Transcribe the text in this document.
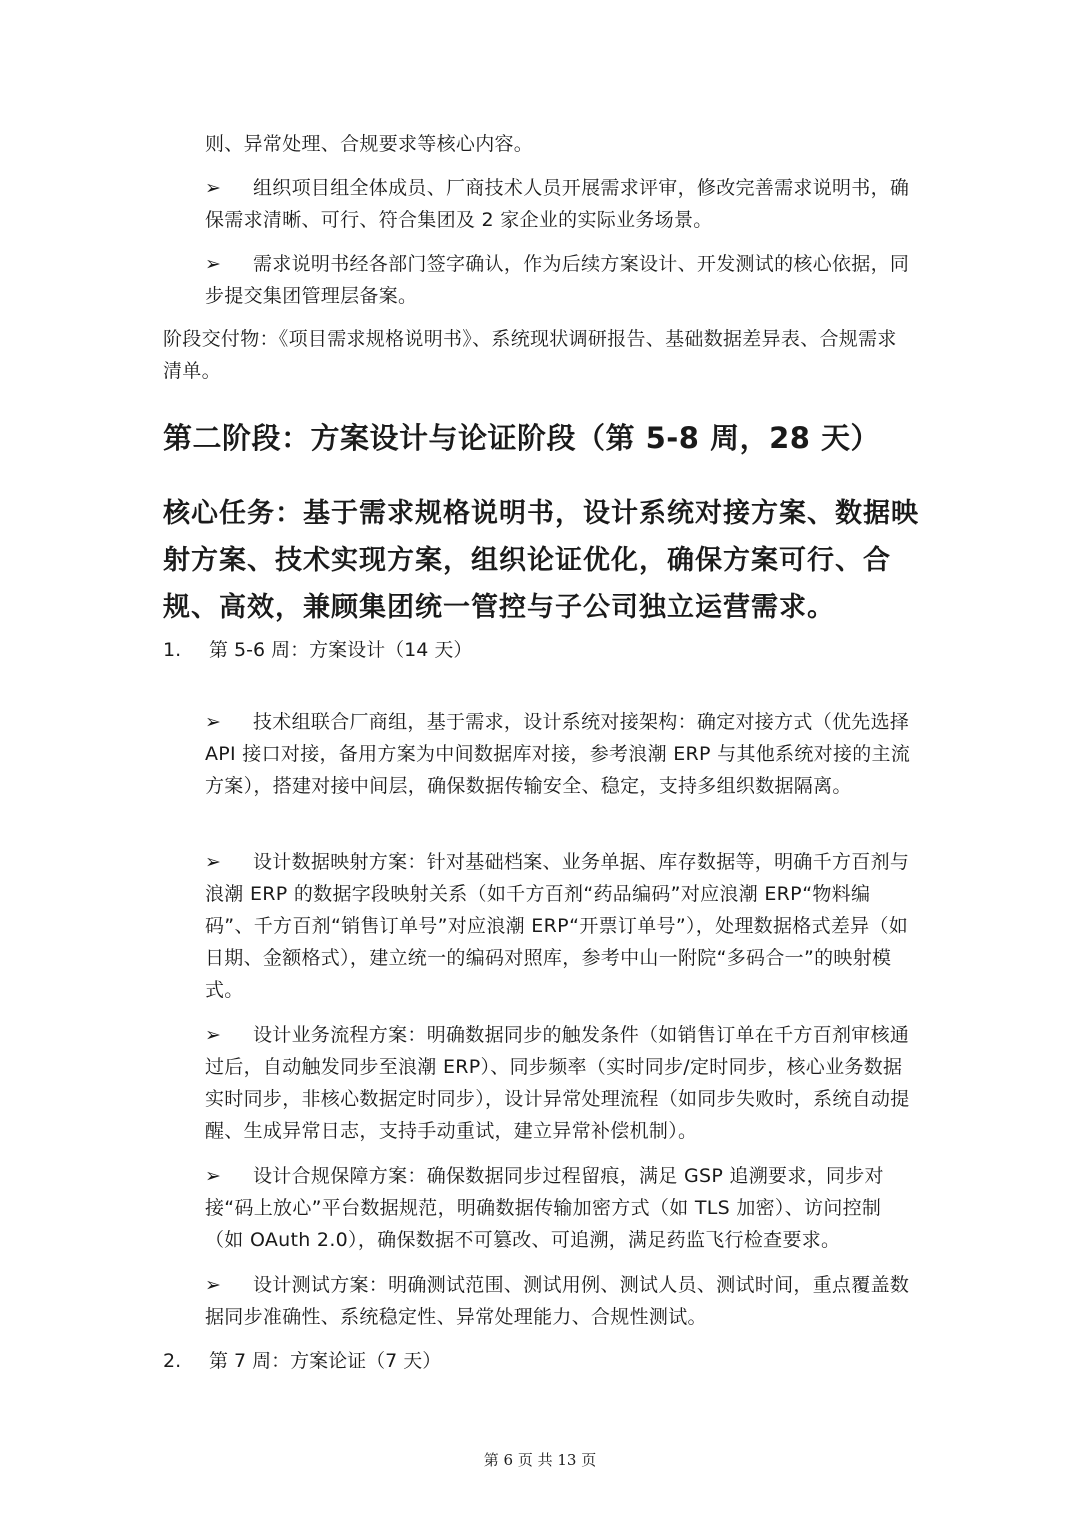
则、异常处理、合规要求等核心内容。

➢ 组织项目组全体成员、厂商技术人员开展需求评审，修改完善需求说明书，确保需求清晰、可行、符合集团及 2 家企业的实际业务场景。

➢ 需求说明书经各部门签字确认，作为后续方案设计、开发测试的核心依据，同步提交集团管理层备案。

阶段交付物：《项目需求规格说明书》、系统现状调研报告、基础数据差异表、合规需求清单。

第二阶段：方案设计与论证阶段（第 5-8 周，28 天）

核心任务：基于需求规格说明书，设计系统对接方案、数据映射方案、技术实现方案，组织论证优化，确保方案可行、合规、高效，兼顾集团统一管控与子公司独立运营需求。

1. 第 5-6 周：方案设计（14 天）

➢ 技术组联合厂商组，基于需求，设计系统对接架构：确定对接方式（优先选择 API 接口对接，备用方案为中间数据库对接，参考浪潮 ERP 与其他系统对接的主流方案），搭建对接中间层，确保数据传输安全、稳定，支持多组织数据隔离。

➢ 设计数据映射方案：针对基础档案、业务单据、库存数据等，明确千方百剂与浪潮 ERP 的数据字段映射关系（如千方百剂“药品编码”对应浪潮 ERP“物料编码”、千方百剂“销售订单号”对应浪潮 ERP“开票订单号”），处理数据格式差异（如日期、金额格式），建立统一的编码对照库，参考中山一附院“多码合一”的映射模式。

➢ 设计业务流程方案：明确数据同步的触发条件（如销售订单在千方百剂审核通过后，自动触发同步至浪潮 ERP）、同步频率（实时同步/定时同步，核心业务数据实时同步，非核心数据定时同步），设计异常处理流程（如同步失败时，系统自动提醒、生成异常日志，支持手动重试，建立异常补偿机制）。

➢ 设计合规保障方案：确保数据同步过程留痕，满足 GSP 追溯要求，同步对接“码上放心”平台数据规范，明确数据传输加密方式（如 TLS 加密）、访问控制（如 OAuth 2.0），确保数据不可篡改、可追溯，满足药监飞行检查要求。

➢ 设计测试方案：明确测试范围、测试用例、测试人员、测试时间，重点覆盖数据同步准确性、系统稳定性、异常处理能力、合规性测试。

2. 第 7 周：方案论证（7 天）

第 6 页 共 13 页
